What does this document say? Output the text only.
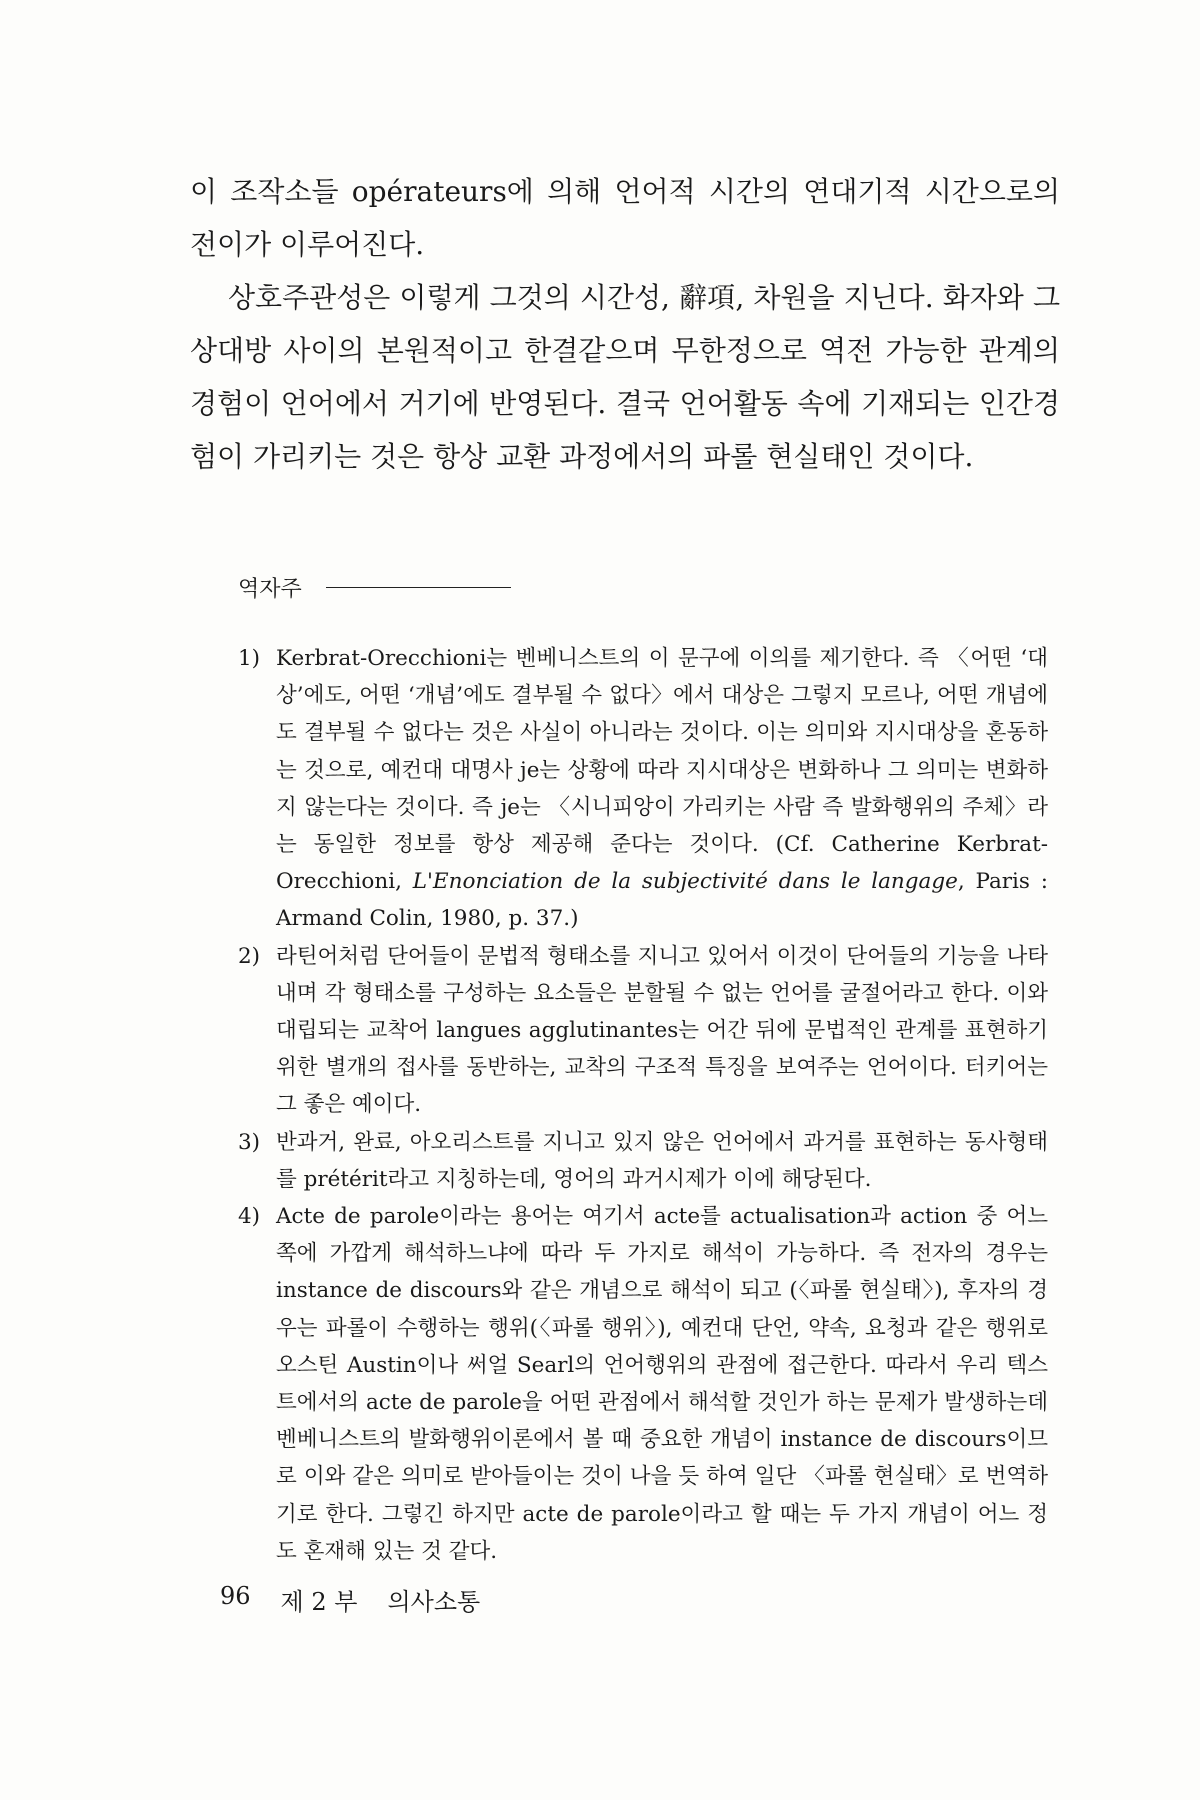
이 조작소들 opérateurs에 의해 언어적 시간의 연대기적 시간으로의 전이가 이루어진다.

상호주관성은 이렇게 그것의 시간성, 辭項, 차원을 지닌다. 화자와 그 상대방 사이의 본원적이고 한결같으며 무한정으로 역전 가능한 관계의 경험이 언어에서 거기에 반영된다. 결국 언어활동 속에 기재되는 인간경험이 가리키는 것은 항상 교환 과정에서의 파롤 현실태인 것이다.

역자주
1) Kerbrat-Orecchioni는 벤베니스트의 이 문구에 이의를 제기한다. 즉 〈어떤 ‘대상’에도, 어떤 ‘개념’에도 결부될 수 없다〉에서 대상은 그렇지 모르나, 어떤 개념에도 결부될 수 없다는 것은 사실이 아니라는 것이다. 이는 의미와 지시대상을 혼동하는 것으로, 예컨대 대명사 je는 상황에 따라 지시대상은 변화하나 그 의미는 변화하지 않는다는 것이다. 즉 je는 〈시니피앙이 가리키는 사람 즉 발화행위의 주체〉라는 동일한 정보를 항상 제공해 준다는 것이다. (Cf. Catherine Kerbrat-Orecchioni, L'Enonciation de la subjectivité dans le langage, Paris : Armand Colin, 1980, p. 37.)
2) 라틴어처럼 단어들이 문법적 형태소를 지니고 있어서 이것이 단어들의 기능을 나타내며 각 형태소를 구성하는 요소들은 분할될 수 없는 언어를 굴절어라고 한다. 이와 대립되는 교착어 langues agglutinantes는 어간 뒤에 문법적인 관계를 표현하기 위한 별개의 접사를 동반하는, 교착의 구조적 특징을 보여주는 언어이다. 터키어는 그 좋은 예이다.
3) 반과거, 완료, 아오리스트를 지니고 있지 않은 언어에서 과거를 표현하는 동사형태를 prétérit라고 지칭하는데, 영어의 과거시제가 이에 해당된다.
4) Acte de parole이라는 용어는 여기서 acte를 actualisation과 action 중 어느 쪽에 가깝게 해석하느냐에 따라 두 가지로 해석이 가능하다. 즉 전자의 경우는 instance de discours와 같은 개념으로 해석이 되고 (〈파롤 현실태〉), 후자의 경우는 파롤이 수행하는 행위(〈파롤 행위〉), 예컨대 단언, 약속, 요청과 같은 행위로 오스틴 Austin이나 써얼 Searl의 언어행위의 관점에 접근한다. 따라서 우리 텍스트에서의 acte de parole을 어떤 관점에서 해석할 것인가 하는 문제가 발생하는데 벤베니스트의 발화행위이론에서 볼 때 중요한 개념이 instance de discours이므로 이와 같은 의미로 받아들이는 것이 나을 듯 하여 일단 〈파롤 현실태〉로 번역하기로 한다. 그렇긴 하지만 acte de parole이라고 할 때는 두 가지 개념이 어느 정도 혼재해 있는 것 같다.
96 제 2 부 의사소통
